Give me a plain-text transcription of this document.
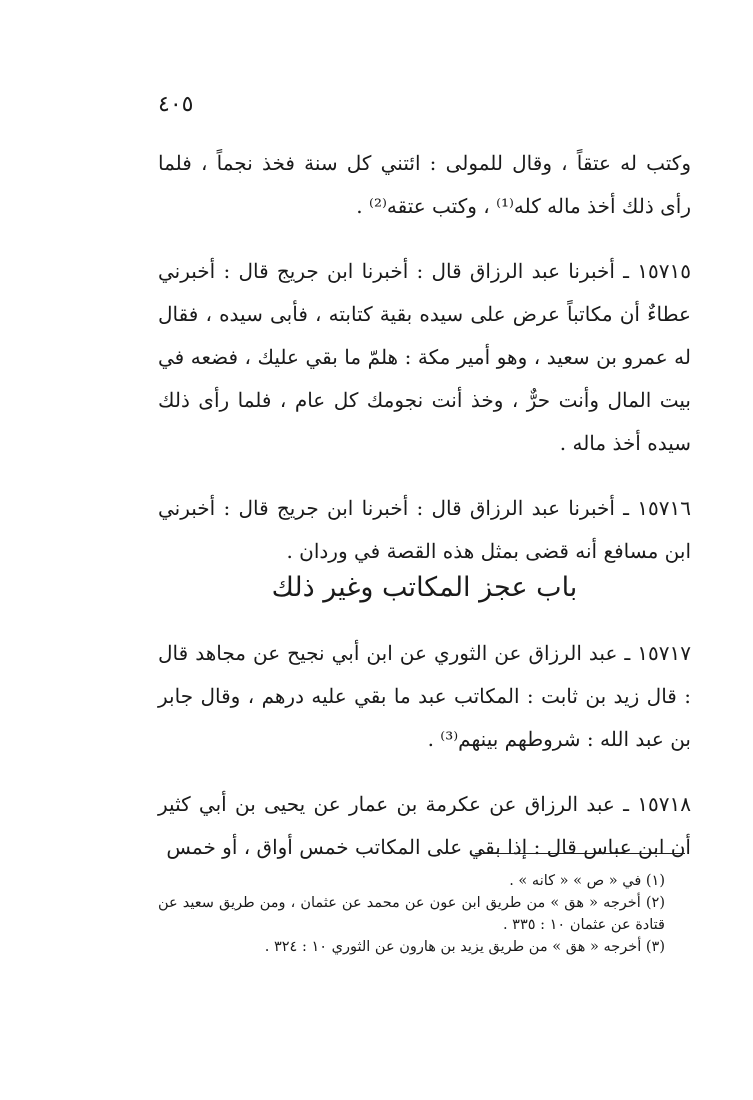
٤٠٥

وكتب له عتقاً ، وقال للمولى : ائتني كل سنة فخذ نجماً ، فلما رأى ذلك أخذ ماله كله⁽¹⁾ ، وكتب عتقه⁽²⁾ .

١٥٧١٥ ـ أخبرنا عبد الرزاق قال : أخبرنا ابن جريج قال : أخبرني عطاءٌ أن مكاتباً عرض على سيده بقية كتابته ، فأبى سيده ، فقال له عمرو بن سعيد ، وهو أمير مكة : هلمّ ما بقي عليك ، فضعه في بيت المال وأنت حرٌّ ، وخذ أنت نجومك كل عام ، فلما رأى ذلك سيده أخذ ماله .

١٥٧١٦ ـ أخبرنا عبد الرزاق قال : أخبرنا ابن جريج قال : أخبرني ابن مسافع أنه قضى بمثل هذه القصة في وردان .

باب عجز المكاتب وغير ذلك

١٥٧١٧ ـ عبد الرزاق عن الثوري عن ابن أبي نجيح عن مجاهد قال : قال زيد بن ثابت : المكاتب عبد ما بقي عليه درهم ، وقال جابر بن عبد الله : شروطهم بينهم⁽³⁾ .

١٥٧١٨ ـ عبد الرزاق عن عكرمة بن عمار عن يحيى بن أبي كثير أن ابن عباس قال : إذا بقي على المكاتب خمس أواق ، أو خمس

(١) في « ص » « كانه » .

(٢) أخرجه « هق » من طريق ابن عون عن محمد عن عثمان ، ومن طريق سعيد عن قتادة عن عثمان ١٠ : ٣٣٥ .

(٣) أخرجه « هق » من طريق يزيد بن هارون عن الثوري ١٠ : ٣٢٤ .
